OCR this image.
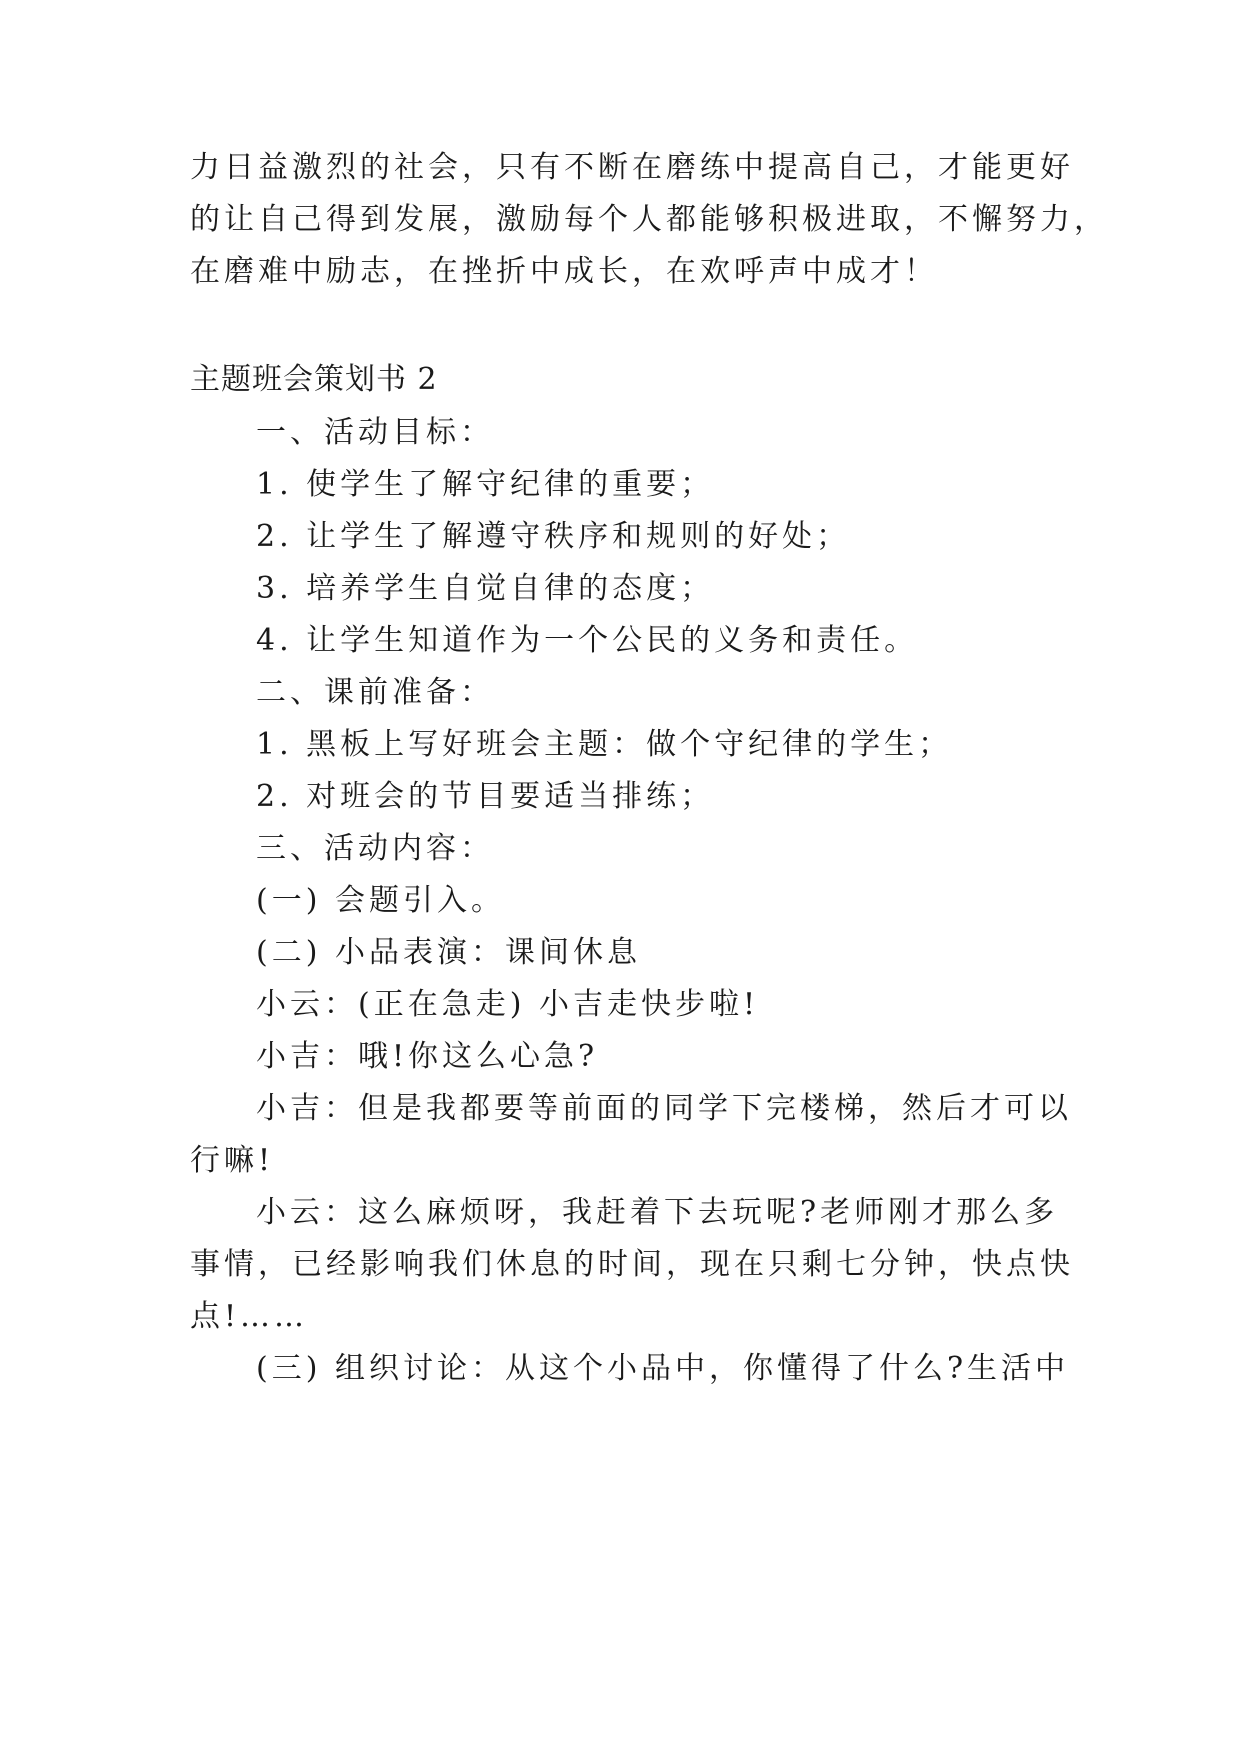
力日益激烈的社会，只有不断在磨练中提高自己，才能更好
的让自己得到发展，激励每个人都能够积极进取，不懈努力，
在磨难中励志，在挫折中成长，在欢呼声中成才！
主题班会策划书 2
一、活动目标：
1. 使学生了解守纪律的重要；
2. 让学生了解遵守秩序和规则的好处；
3. 培养学生自觉自律的态度；
4. 让学生知道作为一个公民的义务和责任。
二、课前准备：
1. 黑板上写好班会主题：做个守纪律的学生；
2. 对班会的节目要适当排练；
三、活动内容：
(一) 会题引入。
(二) 小品表演：课间休息
小云：(正在急走) 小吉走快步啦!
小吉：哦!你这么心急?
小吉：但是我都要等前面的同学下完楼梯，然后才可以
行嘛!
小云：这么麻烦呀，我赶着下去玩呢?老师刚才那么多
事情，已经影响我们休息的时间，现在只剩七分钟，快点快
点!……
(三) 组织讨论：从这个小品中，你懂得了什么?生活中
